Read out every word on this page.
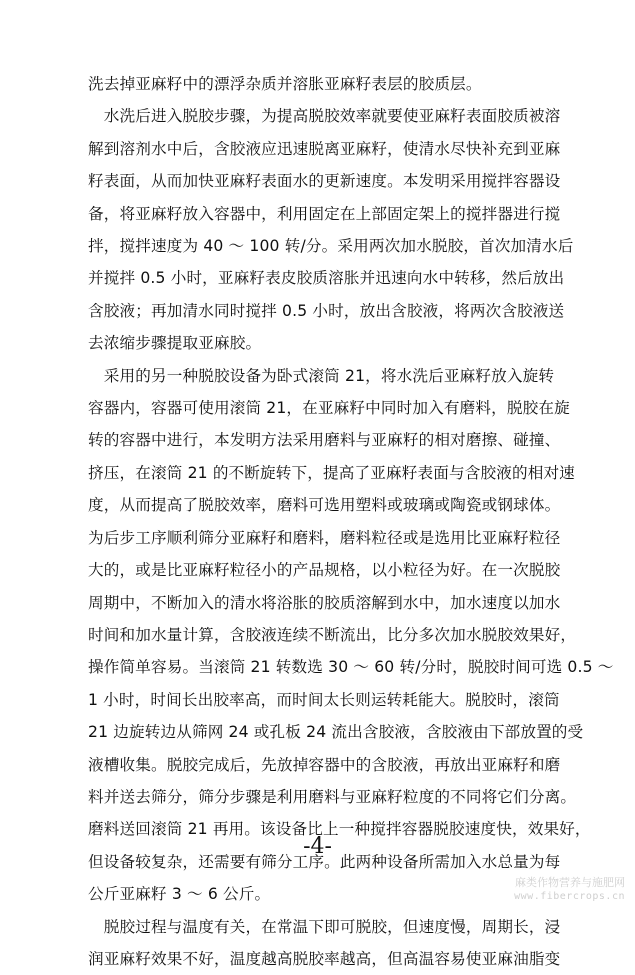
洗去掉亚麻籽中的漂浮杂质并溶胀亚麻籽表层的胶质层。

　水洗后进入脱胶步骤，为提高脱胶效率就要使亚麻籽表面胶质被溶

解到溶剂水中后，含胶液应迅速脱离亚麻籽，使清水尽快补充到亚麻

籽表面，从而加快亚麻籽表面水的更新速度。本发明采用搅拌容器设

备，将亚麻籽放入容器中，利用固定在上部固定架上的搅拌器进行搅

拌，搅拌速度为 40 ～ 100 转/分。采用两次加水脱胶，首次加清水后

并搅拌 0.5 小时，亚麻籽表皮胶质溶胀并迅速向水中转移，然后放出

含胶液；再加清水同时搅拌 0.5 小时，放出含胶液，将两次含胶液送

去浓缩步骤提取亚麻胶。

　采用的另一种脱胶设备为卧式滚筒 21，将水洗后亚麻籽放入旋转

容器内，容器可使用滚筒 21，在亚麻籽中同时加入有磨料，脱胶在旋

转的容器中进行，本发明方法采用磨料与亚麻籽的相对磨擦、碰撞、

挤压，在滚筒 21 的不断旋转下，提高了亚麻籽表面与含胶液的相对速

度，从而提高了脱胶效率，磨料可选用塑料或玻璃或陶瓷或钢球体。

为后步工序顺利筛分亚麻籽和磨料，磨料粒径或是选用比亚麻籽粒径

大的，或是比亚麻籽粒径小的产品规格，以小粒径为好。在一次脱胶

周期中，不断加入的清水将浴胀的胶质溶解到水中，加水速度以加水

时间和加水量计算，含胶液连续不断流出，比分多次加水脱胶效果好，

操作简单容易。当滚筒 21 转数选 30 ～ 60 转/分时，脱胶时间可选 0.5 ～

1 小时，时间长出胶率高，而时间太长则运转耗能大。脱胶时，滚筒

21 边旋转边从筛网 24 或孔板 24 流出含胶液，含胶液由下部放置的受

液槽收集。脱胶完成后，先放掉容器中的含胶液，再放出亚麻籽和磨

料并送去筛分，筛分步骤是利用磨料与亚麻籽粒度的不同将它们分离。

磨料送回滚筒 21 再用。该设备比上一种搅拌容器脱胶速度快，效果好，

但设备较复杂，还需要有筛分工序。此两种设备所需加入水总量为每

公斤亚麻籽 3 ～ 6 公斤。

　脱胶过程与温度有关，在常温下即可脱胶，但速度慢，周期长，浸

润亚麻籽效果不好，温度越高脱胶率越高，但高温容易使亚麻油脂变

-4-
麻类作物营养与施肥网
www.fibercrops.cn
